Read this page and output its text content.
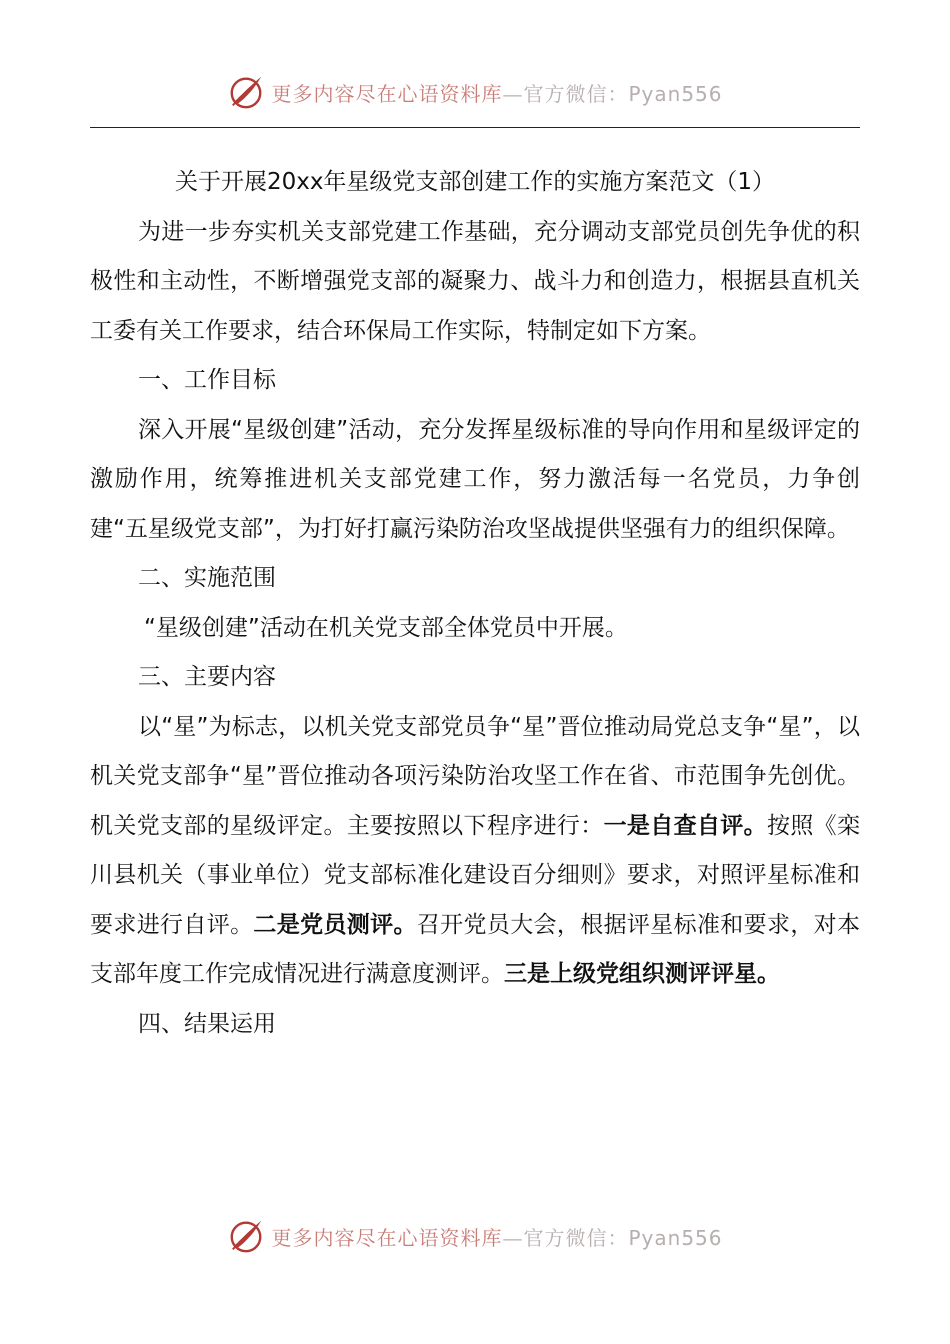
更多内容尽在心语资料库—官方微信：Pyan556

关于开展20xx年星级党支部创建工作的实施方案范文（1）

为进一步夯实机关支部党建工作基础，充分调动支部党员创先争优的积极性和主动性，不断增强党支部的凝聚力、战斗力和创造力，根据县直机关工委有关工作要求，结合环保局工作实际，特制定如下方案。

一、工作目标

深入开展“星级创建”活动，充分发挥星级标准的导向作用和星级评定的激励作用，统筹推进机关支部党建工作，努力激活每一名党员，力争创建“五星级党支部”，为打好打赢污染防治攻坚战提供坚强有力的组织保障。

二、实施范围

“星级创建”活动在机关党支部全体党员中开展。

三、主要内容

以“星”为标志，以机关党支部党员争“星”晋位推动局党总支争“星”，以机关党支部争“星”晋位推动各项污染防治攻坚工作在省、市范围争先创优。机关党支部的星级评定。主要按照以下程序进行：一是自查自评。按照《栾川县机关（事业单位）党支部标准化建设百分细则》要求，对照评星标准和要求进行自评。二是党员测评。召开党员大会，根据评星标准和要求，对本支部年度工作完成情况进行满意度测评。三是上级党组织测评评星。

四、结果运用

更多内容尽在心语资料库—官方微信：Pyan556
